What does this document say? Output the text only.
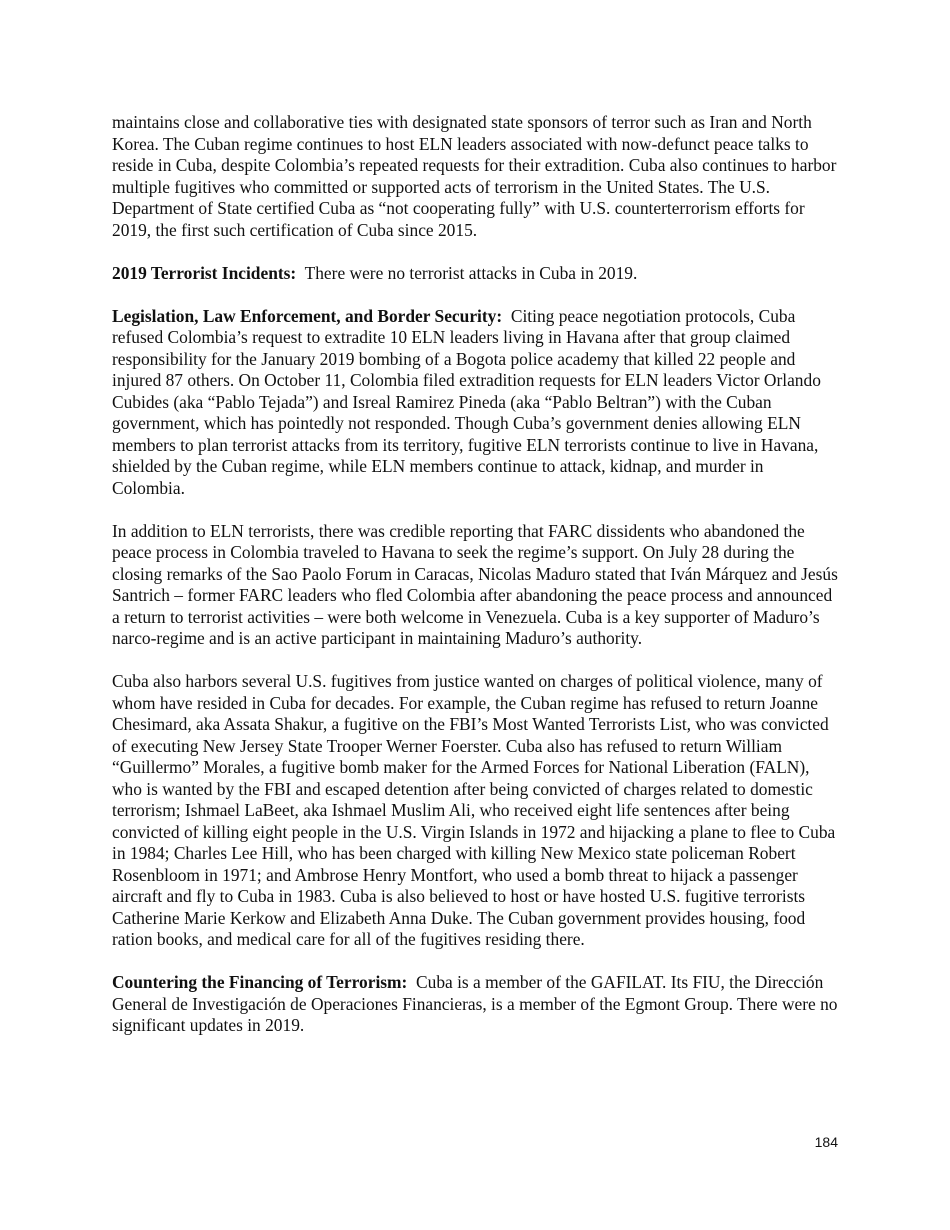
maintains close and collaborative ties with designated state sponsors of terror such as Iran and North Korea. The Cuban regime continues to host ELN leaders associated with now-defunct peace talks to reside in Cuba, despite Colombia’s repeated requests for their extradition. Cuba also continues to harbor multiple fugitives who committed or supported acts of terrorism in the United States. The U.S. Department of State certified Cuba as “not cooperating fully” with U.S. counterterrorism efforts for 2019, the first such certification of Cuba since 2015.

2019 Terrorist Incidents: There were no terrorist attacks in Cuba in 2019.

Legislation, Law Enforcement, and Border Security: Citing peace negotiation protocols, Cuba refused Colombia’s request to extradite 10 ELN leaders living in Havana after that group claimed responsibility for the January 2019 bombing of a Bogota police academy that killed 22 people and injured 87 others. On October 11, Colombia filed extradition requests for ELN leaders Victor Orlando Cubides (aka “Pablo Tejada”) and Isreal Ramirez Pineda (aka “Pablo Beltran”) with the Cuban government, which has pointedly not responded. Though Cuba’s government denies allowing ELN members to plan terrorist attacks from its territory, fugitive ELN terrorists continue to live in Havana, shielded by the Cuban regime, while ELN members continue to attack, kidnap, and murder in Colombia.

In addition to ELN terrorists, there was credible reporting that FARC dissidents who abandoned the peace process in Colombia traveled to Havana to seek the regime’s support. On July 28 during the closing remarks of the Sao Paolo Forum in Caracas, Nicolas Maduro stated that Iván Márquez and Jesús Santrich – former FARC leaders who fled Colombia after abandoning the peace process and announced a return to terrorist activities – were both welcome in Venezuela. Cuba is a key supporter of Maduro’s narco-regime and is an active participant in maintaining Maduro’s authority.

Cuba also harbors several U.S. fugitives from justice wanted on charges of political violence, many of whom have resided in Cuba for decades. For example, the Cuban regime has refused to return Joanne Chesimard, aka Assata Shakur, a fugitive on the FBI’s Most Wanted Terrorists List, who was convicted of executing New Jersey State Trooper Werner Foerster. Cuba also has refused to return William “Guillermo” Morales, a fugitive bomb maker for the Armed Forces for National Liberation (FALN), who is wanted by the FBI and escaped detention after being convicted of charges related to domestic terrorism; Ishmael LaBeet, aka Ishmael Muslim Ali, who received eight life sentences after being convicted of killing eight people in the U.S. Virgin Islands in 1972 and hijacking a plane to flee to Cuba in 1984; Charles Lee Hill, who has been charged with killing New Mexico state policeman Robert Rosenbloom in 1971; and Ambrose Henry Montfort, who used a bomb threat to hijack a passenger aircraft and fly to Cuba in 1983. Cuba is also believed to host or have hosted U.S. fugitive terrorists Catherine Marie Kerkow and Elizabeth Anna Duke. The Cuban government provides housing, food ration books, and medical care for all of the fugitives residing there.

Countering the Financing of Terrorism: Cuba is a member of the GAFILAT. Its FIU, the Dirección General de Investigación de Operaciones Financieras, is a member of the Egmont Group. There were no significant updates in 2019.

184
